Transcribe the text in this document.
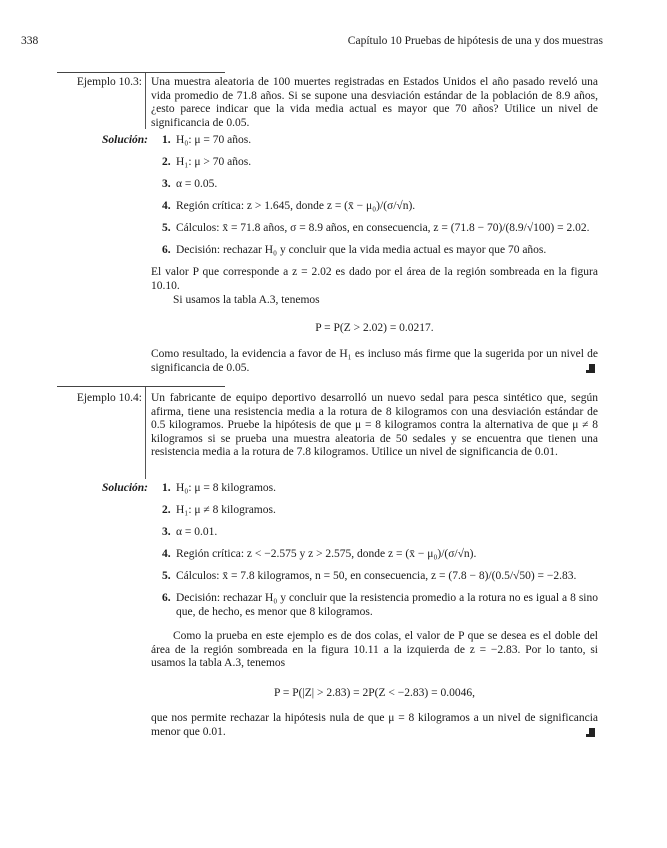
338	Capítulo 10 Pruebas de hipótesis de una y dos muestras
Ejemplo 10.3: Una muestra aleatoria de 100 muertes registradas en Estados Unidos el año pasado reveló una vida promedio de 71.8 años. Si se supone una desviación estándar de la población de 8.9 años, ¿esto parece indicar que la vida media actual es mayor que 70 años? Utilice un nivel de significancia de 0.05.
Solución: 1. H₀: μ = 70 años.
2. H₁: μ > 70 años.
3. α = 0.05.
4. Región crítica: z > 1.645, donde z = (x̄ − μ₀)/(σ/√n).
5. Cálculos: x̄ = 71.8 años, σ = 8.9 años, en consecuencia, z = (71.8 − 70)/(8.9/√100) = 2.02.
6. Decisión: rechazar H₀ y concluir que la vida media actual es mayor que 70 años.
El valor P que corresponde a z = 2.02 es dado por el área de la región sombreada en la figura 10.10.
Si usamos la tabla A.3, tenemos
P = P(Z > 2.02) = 0.0217.
Como resultado, la evidencia a favor de H₁ es incluso más firme que la sugerida por un nivel de significancia de 0.05.
Ejemplo 10.4: Un fabricante de equipo deportivo desarrolló un nuevo sedal para pesca sintético que, según afirma, tiene una resistencia media a la rotura de 8 kilogramos con una desviación estándar de 0.5 kilogramos. Pruebe la hipótesis de que μ = 8 kilogramos contra la alternativa de que μ ≠ 8 kilogramos si se prueba una muestra aleatoria de 50 sedales y se encuentra que tienen una resistencia media a la rotura de 7.8 kilogramos. Utilice un nivel de significancia de 0.01.
Solución: 1. H₀: μ = 8 kilogramos.
2. H₁: μ ≠ 8 kilogramos.
3. α = 0.01.
4. Región crítica: z < −2.575 y z > 2.575, donde z = (x̄ − μ₀)/(σ/√n).
5. Cálculos: x̄ = 7.8 kilogramos, n = 50, en consecuencia, z = (7.8 − 8)/(0.5/√50) = −2.83.
6. Decisión: rechazar H₀ y concluir que la resistencia promedio a la rotura no es igual a 8 sino que, de hecho, es menor que 8 kilogramos.
Como la prueba en este ejemplo es de dos colas, el valor de P que se desea es el doble del área de la región sombreada en la figura 10.11 a la izquierda de z = −2.83. Por lo tanto, si usamos la tabla A.3, tenemos
P = P(|Z| > 2.83) = 2P(Z < −2.83) = 0.0046,
que nos permite rechazar la hipótesis nula de que μ = 8 kilogramos a un nivel de significancia menor que 0.01.
